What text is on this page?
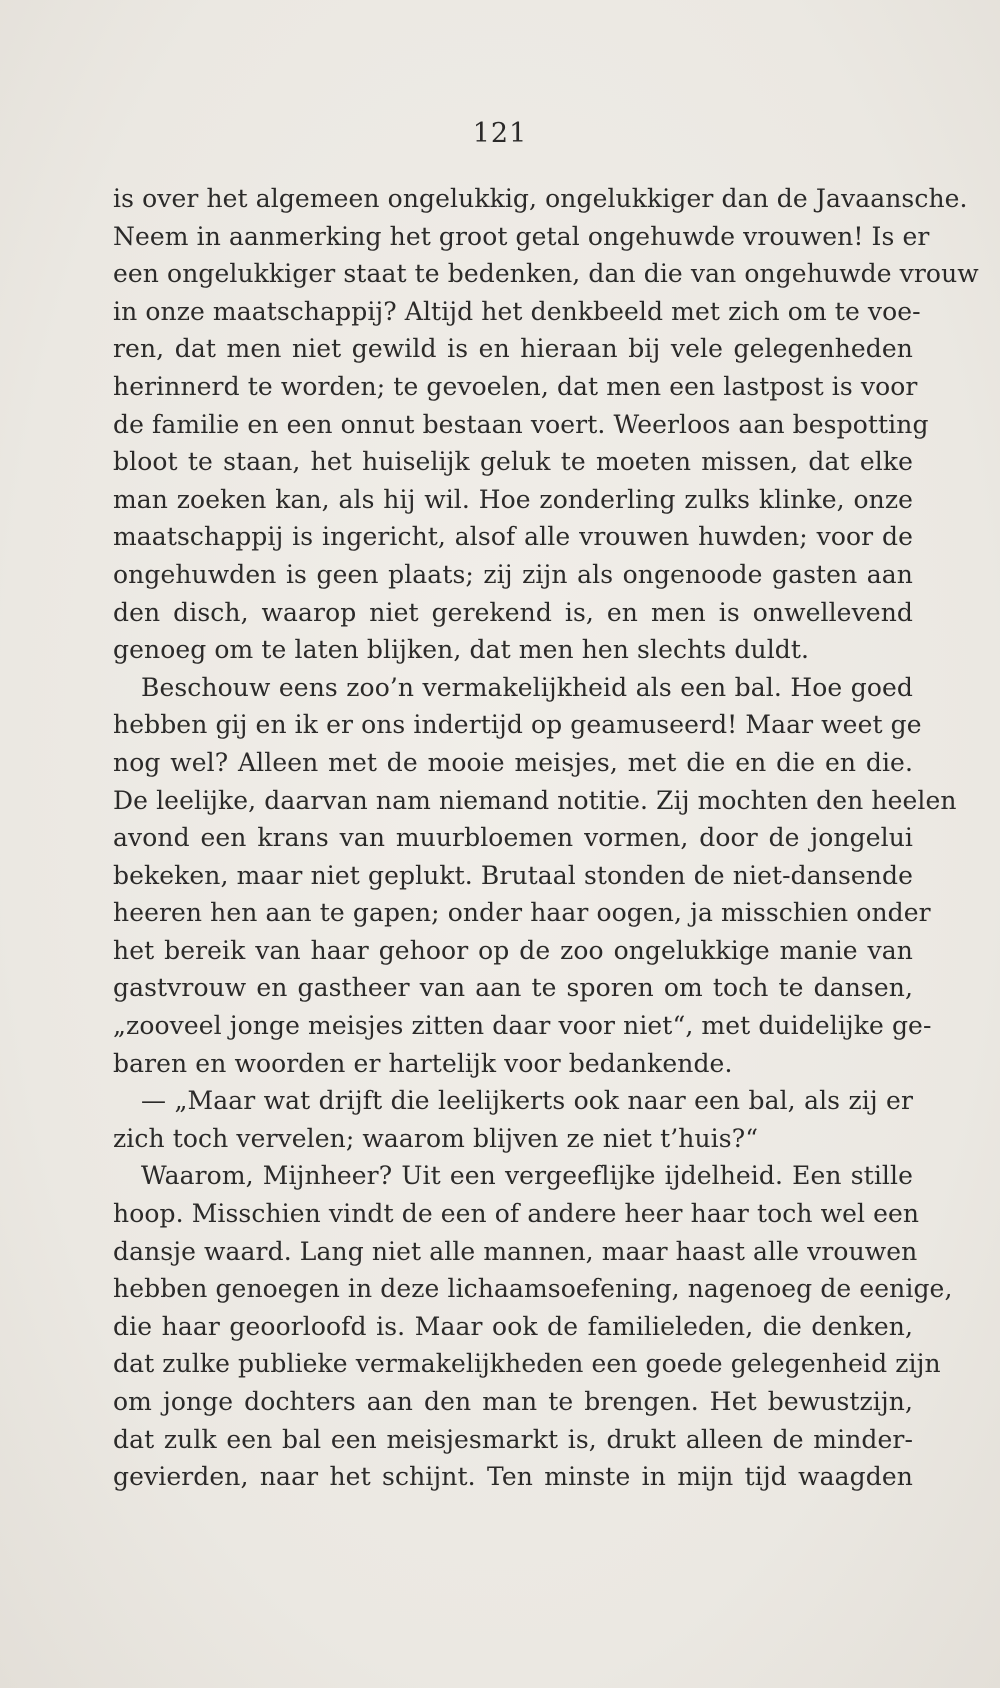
121
is over het algemeen ongelukkig, ongelukkiger dan de Javaansche.
Neem in aanmerking het groot getal ongehuwde vrouwen! Is er
een ongelukkiger staat te bedenken, dan die van ongehuwde vrouw
in onze maatschappij? Altijd het denkbeeld met zich om te voe-
ren, dat men niet gewild is en hieraan bij vele gelegenheden
herinnerd te worden; te gevoelen, dat men een lastpost is voor
de familie en een onnut bestaan voert. Weerloos aan bespotting
bloot te staan, het huiselijk geluk te moeten missen, dat elke
man zoeken kan, als hij wil. Hoe zonderling zulks klinke, onze
maatschappij is ingericht, alsof alle vrouwen huwden; voor de
ongehuwden is geen plaats; zij zijn als ongenoode gasten aan
den disch, waarop niet gerekend is, en men is onwellevend
genoeg om te laten blijken, dat men hen slechts duldt.
Beschouw eens zoo’n vermakelijkheid als een bal. Hoe goed
hebben gij en ik er ons indertijd op geamuseerd! Maar weet ge
nog wel? Alleen met de mooie meisjes, met die en die en die.
De leelijke, daarvan nam niemand notitie. Zij mochten den heelen
avond een krans van muurbloemen vormen, door de jongelui
bekeken, maar niet geplukt. Brutaal stonden de niet-dansende
heeren hen aan te gapen; onder haar oogen, ja misschien onder
het bereik van haar gehoor op de zoo ongelukkige manie van
gastvrouw en gastheer van aan te sporen om toch te dansen,
„zooveel jonge meisjes zitten daar voor niet“, met duidelijke ge-
baren en woorden er hartelijk voor bedankende.
— „Maar wat drijft die leelijkerts ook naar een bal, als zij er
zich toch vervelen; waarom blijven ze niet t’huis?“
Waarom, Mijnheer? Uit een vergeeflijke ijdelheid. Een stille
hoop. Misschien vindt de een of andere heer haar toch wel een
dansje waard. Lang niet alle mannen, maar haast alle vrouwen
hebben genoegen in deze lichaamsoefening, nagenoeg de eenige,
die haar geoorloofd is. Maar ook de familieleden, die denken,
dat zulke publieke vermakelijkheden een goede gelegenheid zijn
om jonge dochters aan den man te brengen. Het bewustzijn,
dat zulk een bal een meisjesmarkt is, drukt alleen de minder-
gevierden, naar het schijnt. Ten minste in mijn tijd waagden
